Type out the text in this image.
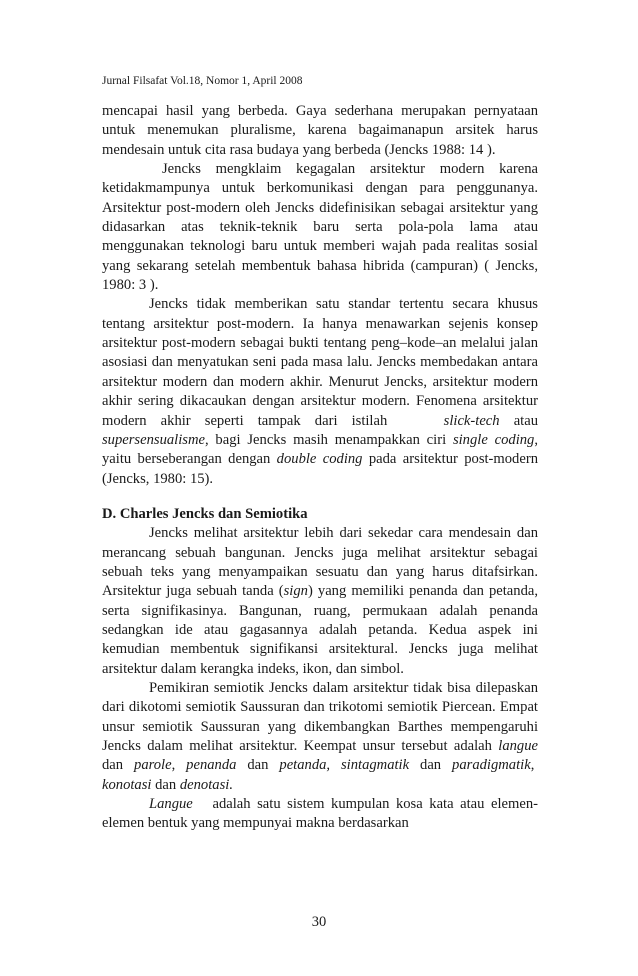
Jurnal Filsafat Vol.18, Nomor 1, April 2008

mencapai hasil yang berbeda. Gaya sederhana merupakan pernyataan untuk menemukan pluralisme, karena bagaimanapun arsitek harus mendesain untuk cita rasa budaya yang berbeda (Jencks 1988: 14 ).

Jencks mengklaim kegagalan arsitektur modern karena ketidakmampunya untuk berkomunikasi dengan para penggunanya. Arsitektur post-modern oleh Jencks didefinisikan sebagai arsitektur yang didasarkan atas teknik-teknik baru serta pola-pola lama atau menggunakan teknologi baru untuk memberi wajah pada realitas sosial yang sekarang setelah membentuk bahasa hibrida (campuran) ( Jencks, 1980: 3 ).

Jencks tidak memberikan satu standar tertentu secara khusus tentang arsitektur post-modern. Ia hanya menawarkan sejenis konsep arsitektur post-modern sebagai bukti tentang peng–kode–an melalui jalan asosiasi dan menyatukan seni pada masa lalu. Jencks membedakan antara arsitektur modern dan modern akhir. Menurut Jencks, arsitektur modern akhir sering dikacaukan dengan arsitektur modern. Fenomena arsitektur modern akhir seperti tampak dari istilah	slick-tech atau supersensualisme, bagi Jencks masih menampakkan ciri single coding, yaitu berseberangan dengan double coding pada arsitektur post-modern (Jencks, 1980: 15).

D. Charles Jencks dan Semiotika

Jencks melihat arsitektur lebih dari sekedar cara mendesain dan merancang sebuah bangunan. Jencks juga melihat arsitektur sebagai sebuah teks yang menyampaikan sesuatu dan yang harus ditafsirkan. Arsitektur juga sebuah tanda (sign) yang memiliki penanda dan petanda, serta signifikasinya. Bangunan, ruang, permukaan adalah penanda sedangkan ide atau gagasannya adalah petanda. Kedua aspek ini kemudian membentuk signifikansi arsitektural. Jencks juga melihat arsitektur dalam kerangka indeks, ikon, dan simbol.

Pemikiran semiotik Jencks dalam arsitektur tidak bisa dilepaskan dari dikotomi semiotik Saussuran dan trikotomi semiotik Piercean. Empat unsur semiotik Saussuran yang dikembangkan Barthes mempengaruhi Jencks dalam melihat arsitektur. Keempat unsur tersebut adalah langue dan parole, penanda dan petanda, sintagmatik dan paradigmatik,  konotasi dan denotasi.

Langue adalah satu sistem kumpulan kosa kata atau elemen-elemen bentuk yang mempunyai makna berdasarkan

30
